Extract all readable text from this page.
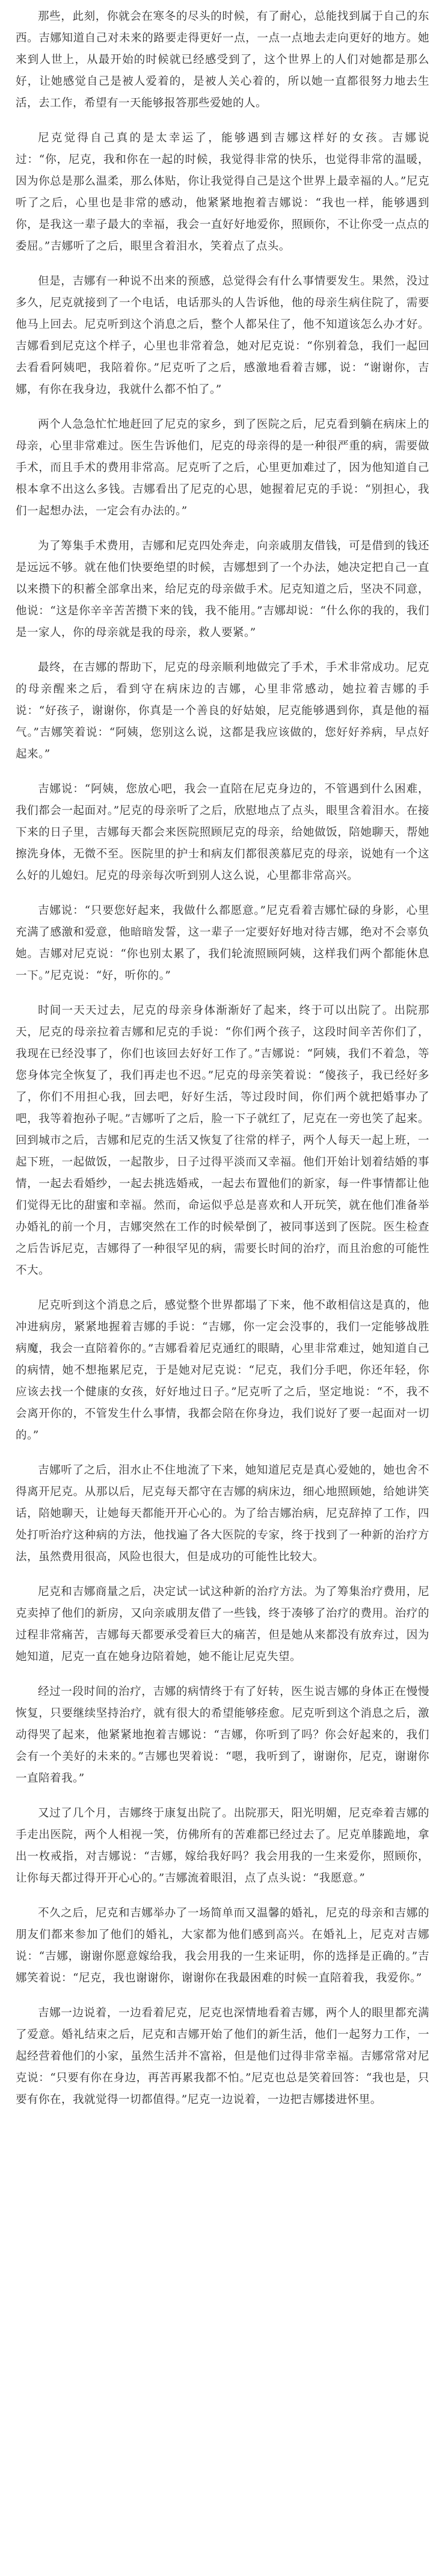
那些，此刻，你就会在寒冬的尽头的时候，有了耐心，总能找到属于自己的东西。吉娜知道自己对未来的路要走得更好一点，一点一点地去走向更好的地方。她来到人世上，从最开始的时候就已经感受到了，这个世界上的人们对她都是那么好，让她感觉自己是被人爱着的，是被人关心着的，所以她一直都很努力地去生活，去工作，希望有一天能够报答那些爱她的人。

尼克觉得自己真的是太幸运了，能够遇到吉娜这样好的女孩。吉娜说过：“你，尼克，我和你在一起的时候，我觉得非常的快乐，也觉得非常的温暖，因为你总是那么温柔，那么体贴，你让我觉得自己是这个世界上最幸福的人。”尼克听了之后，心里也是非常的感动，他紧紧地抱着吉娜说：“我也一样，能够遇到你，是我这一辈子最大的幸福，我会一直好好地爱你，照顾你，不让你受一点点的委屈。”吉娜听了之后，眼里含着泪水，笑着点了点头。

但是，吉娜有一种说不出来的预感，总觉得会有什么事情要发生。果然，没过多久，尼克就接到了一个电话，电话那头的人告诉他，他的母亲生病住院了，需要他马上回去。尼克听到这个消息之后，整个人都呆住了，他不知道该怎么办才好。吉娜看到尼克这个样子，心里也非常着急，她对尼克说：“你别着急，我们一起回去看看阿姨吧，我陪着你。”尼克听了之后，感激地看着吉娜，说：“谢谢你，吉娜，有你在我身边，我就什么都不怕了。”

两个人急急忙忙地赶回了尼克的家乡，到了医院之后，尼克看到躺在病床上的母亲，心里非常难过。医生告诉他们，尼克的母亲得的是一种很严重的病，需要做手术，而且手术的费用非常高。尼克听了之后，心里更加难过了，因为他知道自己根本拿不出这么多钱。吉娜看出了尼克的心思，她握着尼克的手说：“别担心，我们一起想办法，一定会有办法的。”

为了筹集手术费用，吉娜和尼克四处奔走，向亲戚朋友借钱，可是借到的钱还是远远不够。就在他们快要绝望的时候，吉娜想到了一个办法，她决定把自己一直以来攒下的积蓄全部拿出来，给尼克的母亲做手术。尼克知道之后，坚决不同意，他说：“这是你辛辛苦苦攒下来的钱，我不能用。”吉娜却说：“什么你的我的，我们是一家人，你的母亲就是我的母亲，救人要紧。”

最终，在吉娜的帮助下，尼克的母亲顺利地做完了手术，手术非常成功。尼克的母亲醒来之后，看到守在病床边的吉娜，心里非常感动，她拉着吉娜的手说：“好孩子，谢谢你，你真是一个善良的好姑娘，尼克能够遇到你，真是他的福气。”吉娜笑着说：“阿姨，您别这么说，这都是我应该做的，您好好养病，早点好起来。”

吉娜说：“阿姨，您放心吧，我会一直陪在尼克身边的，不管遇到什么困难，我们都会一起面对。”尼克的母亲听了之后，欣慰地点了点头，眼里含着泪水。在接下来的日子里，吉娜每天都会来医院照顾尼克的母亲，给她做饭，陪她聊天，帮她擦洗身体，无微不至。医院里的护士和病友们都很羡慕尼克的母亲，说她有一个这么好的儿媳妇。尼克的母亲每次听到别人这么说，心里都非常高兴。

吉娜说：“只要您好起来，我做什么都愿意。”尼克看着吉娜忙碌的身影，心里充满了感激和爱意，他暗暗发誓，这一辈子一定要好好地对待吉娜，绝对不会辜负她。吉娜对尼克说：“你也别太累了，我们轮流照顾阿姨，这样我们两个都能休息一下。”尼克说：“好，听你的。”

时间一天天过去，尼克的母亲身体渐渐好了起来，终于可以出院了。出院那天，尼克的母亲拉着吉娜和尼克的手说：“你们两个孩子，这段时间辛苦你们了，我现在已经没事了，你们也该回去好好工作了。”吉娜说：“阿姨，我们不着急，等您身体完全恢复了，我们再走也不迟。”尼克的母亲笑着说：“傻孩子，我已经好多了，你们不用担心我，回去吧，好好生活，等过段时间，你们两个就把婚事办了吧，我等着抱孙子呢。”吉娜听了之后，脸一下子就红了，尼克在一旁也笑了起来。回到城市之后，吉娜和尼克的生活又恢复了往常的样子，两个人每天一起上班，一起下班，一起做饭，一起散步，日子过得平淡而又幸福。他们开始计划着结婚的事情，一起去看婚纱，一起去挑选婚戒，一起去布置他们的新家，每一件事情都让他们觉得无比的甜蜜和幸福。然而，命运似乎总是喜欢和人开玩笑，就在他们准备举办婚礼的前一个月，吉娜突然在工作的时候晕倒了，被同事送到了医院。医生检查之后告诉尼克，吉娜得了一种很罕见的病，需要长时间的治疗，而且治愈的可能性不大。

尼克听到这个消息之后，感觉整个世界都塌了下来，他不敢相信这是真的，他冲进病房，紧紧地握着吉娜的手说：“吉娜，你一定会没事的，我们一定能够战胜病魔，我会一直陪着你的。”吉娜看着尼克通红的眼睛，心里非常难过，她知道自己的病情，她不想拖累尼克，于是她对尼克说：“尼克，我们分手吧，你还年轻，你应该去找一个健康的女孩，好好地过日子。”尼克听了之后，坚定地说：“不，我不会离开你的，不管发生什么事情，我都会陪在你身边，我们说好了要一起面对一切的。”

吉娜听了之后，泪水止不住地流了下来，她知道尼克是真心爱她的，她也舍不得离开尼克。从那以后，尼克每天都守在吉娜的病床边，细心地照顾她，给她讲笑话，陪她聊天，让她每天都能开开心心的。为了给吉娜治病，尼克辞掉了工作，四处打听治疗这种病的方法，他找遍了各大医院的专家，终于找到了一种新的治疗方法，虽然费用很高，风险也很大，但是成功的可能性比较大。

尼克和吉娜商量之后，决定试一试这种新的治疗方法。为了筹集治疗费用，尼克卖掉了他们的新房，又向亲戚朋友借了一些钱，终于凑够了治疗的费用。治疗的过程非常痛苦，吉娜每天都要承受着巨大的痛苦，但是她从来都没有放弃过，因为她知道，尼克一直在她身边陪着她，她不能让尼克失望。

经过一段时间的治疗，吉娜的病情终于有了好转，医生说吉娜的身体正在慢慢恢复，只要继续坚持治疗，就有很大的希望能够痊愈。尼克听到这个消息之后，激动得哭了起来，他紧紧地抱着吉娜说：“吉娜，你听到了吗？你会好起来的，我们会有一个美好的未来的。”吉娜也哭着说：“嗯，我听到了，谢谢你，尼克，谢谢你一直陪着我。”

又过了几个月，吉娜终于康复出院了。出院那天，阳光明媚，尼克牵着吉娜的手走出医院，两个人相视一笑，仿佛所有的苦难都已经过去了。尼克单膝跪地，拿出一枚戒指，对吉娜说：“吉娜，嫁给我好吗？我会用我的一生来爱你，照顾你，让你每天都过得开开心心的。”吉娜流着眼泪，点了点头说：“我愿意。”

不久之后，尼克和吉娜举办了一场简单而又温馨的婚礼，尼克的母亲和吉娜的朋友们都来参加了他们的婚礼，大家都为他们感到高兴。在婚礼上，尼克对吉娜说：“吉娜，谢谢你愿意嫁给我，我会用我的一生来证明，你的选择是正确的。”吉娜笑着说：“尼克，我也谢谢你，谢谢你在我最困难的时候一直陪着我，我爱你。”

吉娜一边说着，一边看着尼克，尼克也深情地看着吉娜，两个人的眼里都充满了爱意。婚礼结束之后，尼克和吉娜开始了他们的新生活，他们一起努力工作，一起经营着他们的小家，虽然生活并不富裕，但是他们过得非常幸福。吉娜常常对尼克说：“只要有你在身边，再苦再累我都不怕。”尼克也总是笑着回答：“我也是，只要有你在，我就觉得一切都值得。”尼克一边说着，一边把吉娜搂进怀里。
